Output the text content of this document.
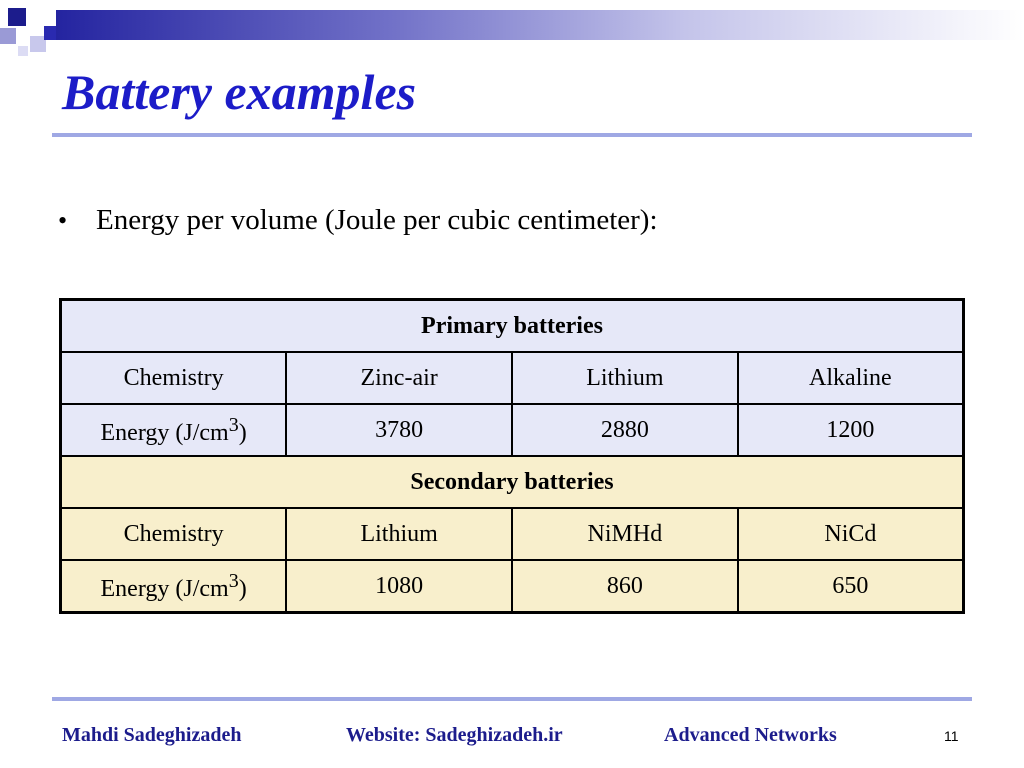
Battery examples
• Energy per volume (Joule per cubic centimeter):
Primary batteries			
Chemistry	Zinc-air	Lithium	Alkaline
Energy $(J/cm^3)$	3780	2880	1200
Secondary batteries			
Chemistry	Lithium	NiMHd	NiCd
Energy $(J/cm^3)$	1080	860	650
Mahdi Sadeghizadeh	Website: Sadeghizadeh.ir	Advanced Networks	11
